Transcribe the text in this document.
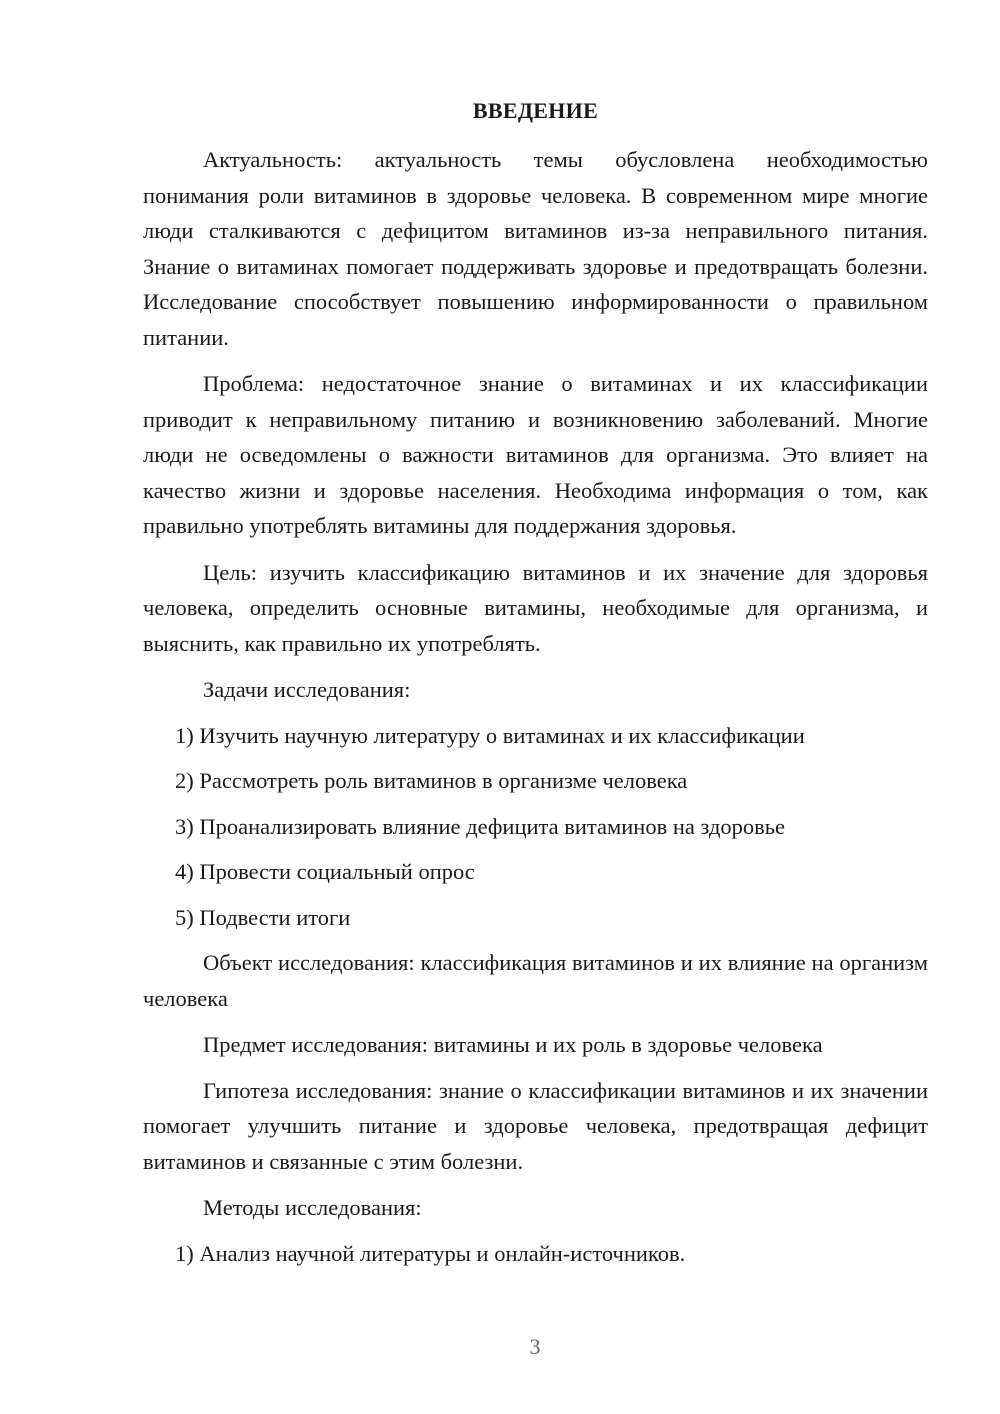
ВВЕДЕНИЕ

Актуальность: актуальность темы обусловлена необходимостью понимания роли витаминов в здоровье человека. В современном мире многие люди сталкиваются с дефицитом витаминов из-за неправильного питания. Знание о витаминах помогает поддерживать здоровье и предотвращать болезни. Исследование способствует повышению информированности о правильном питании.

Проблема: недостаточное знание о витаминах и их классификации приводит к неправильному питанию и возникновению заболеваний. Многие люди не осведомлены о важности витаминов для организма. Это влияет на качество жизни и здоровье населения. Необходима информация о том, как правильно употреблять витамины для поддержания здоровья.

Цель: изучить классификацию витаминов и их значение для здоровья человека, определить основные витамины, необходимые для организма, и выяснить, как правильно их употреблять.

Задачи исследования:
1) Изучить научную литературу о витаминах и их классификации
2) Рассмотреть роль витаминов в организме человека
3) Проанализировать влияние дефицита витаминов на здоровье
4) Провести социальный опрос
5) Подвести итоги

Объект исследования: классификация витаминов и их влияние на организм человека

Предмет исследования: витамины и их роль в здоровье человека

Гипотеза исследования: знание о классификации витаминов и их значении помогает улучшить питание и здоровье человека, предотвращая дефицит витаминов и связанные с этим болезни.

Методы исследования:
1) Анализ научной литературы и онлайн-источников.
3
